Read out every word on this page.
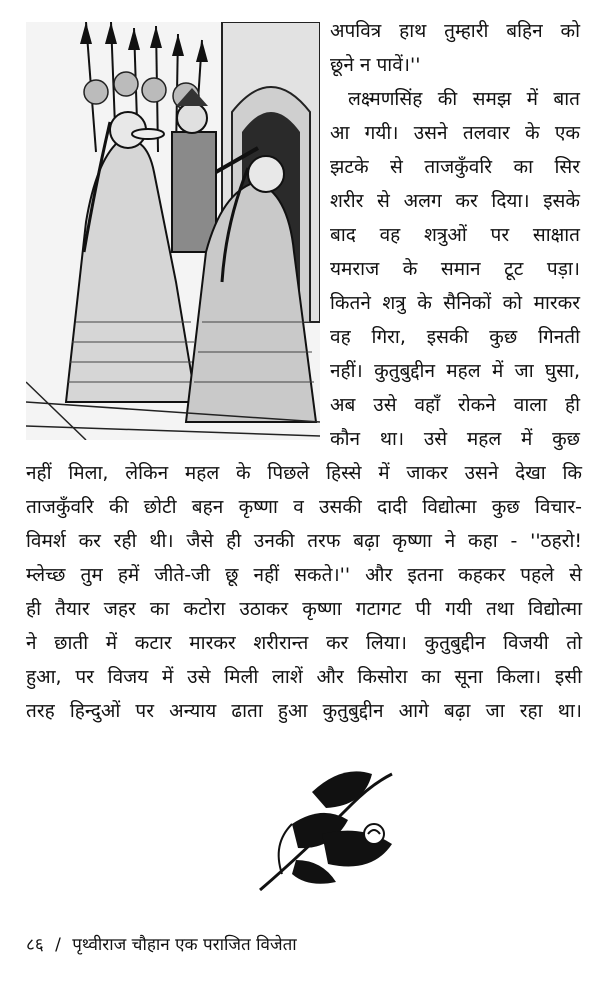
अपवित्र हाथ तुम्हारी बहिन को
छूने न पावें।''
लक्ष्मणसिंह की समझ में बात
आ गयी। उसने तलवार के एक
झटके से ताजकुँवरि का सिर
शरीर से अलग कर दिया। इसके
बाद वह शत्रुओं पर साक्षात
यमराज के समान टूट पड़ा।
कितने शत्रु के सैनिकों को मारकर
वह गिरा, इसकी कुछ गिनती
नहीं। कुतुबुद्दीन महल में जा घुसा,
अब उसे वहाँ रोकने वाला ही
कौन था। उसे महल में कुछ
नहीं मिला, लेकिन महल के पिछले हिस्से में जाकर उसने देखा कि
ताजकुँवरि की छोटी बहन कृष्णा व उसकी दादी विद्योत्मा कुछ विचार-
विमर्श कर रही थी। जैसे ही उनकी तरफ बढ़ा कृष्णा ने कहा - ''ठहरो!
म्लेच्छ तुम हमें जीते-जी छू नहीं सकते।'' और इतना कहकर पहले से
ही तैयार जहर का कटोरा उठाकर कृष्णा गटागट पी गयी तथा विद्योत्मा
ने छाती में कटार मारकर शरीरान्त कर लिया। कुतुबुद्दीन विजयी तो
हुआ, पर विजय में उसे मिली लाशें और किसोरा का सूना किला। इसी
तरह हिन्दुओं पर अन्याय ढाता हुआ कुतुबुद्दीन आगे बढ़ा जा रहा था।
८६ / पृथ्वीराज चौहान एक पराजित विजेता
